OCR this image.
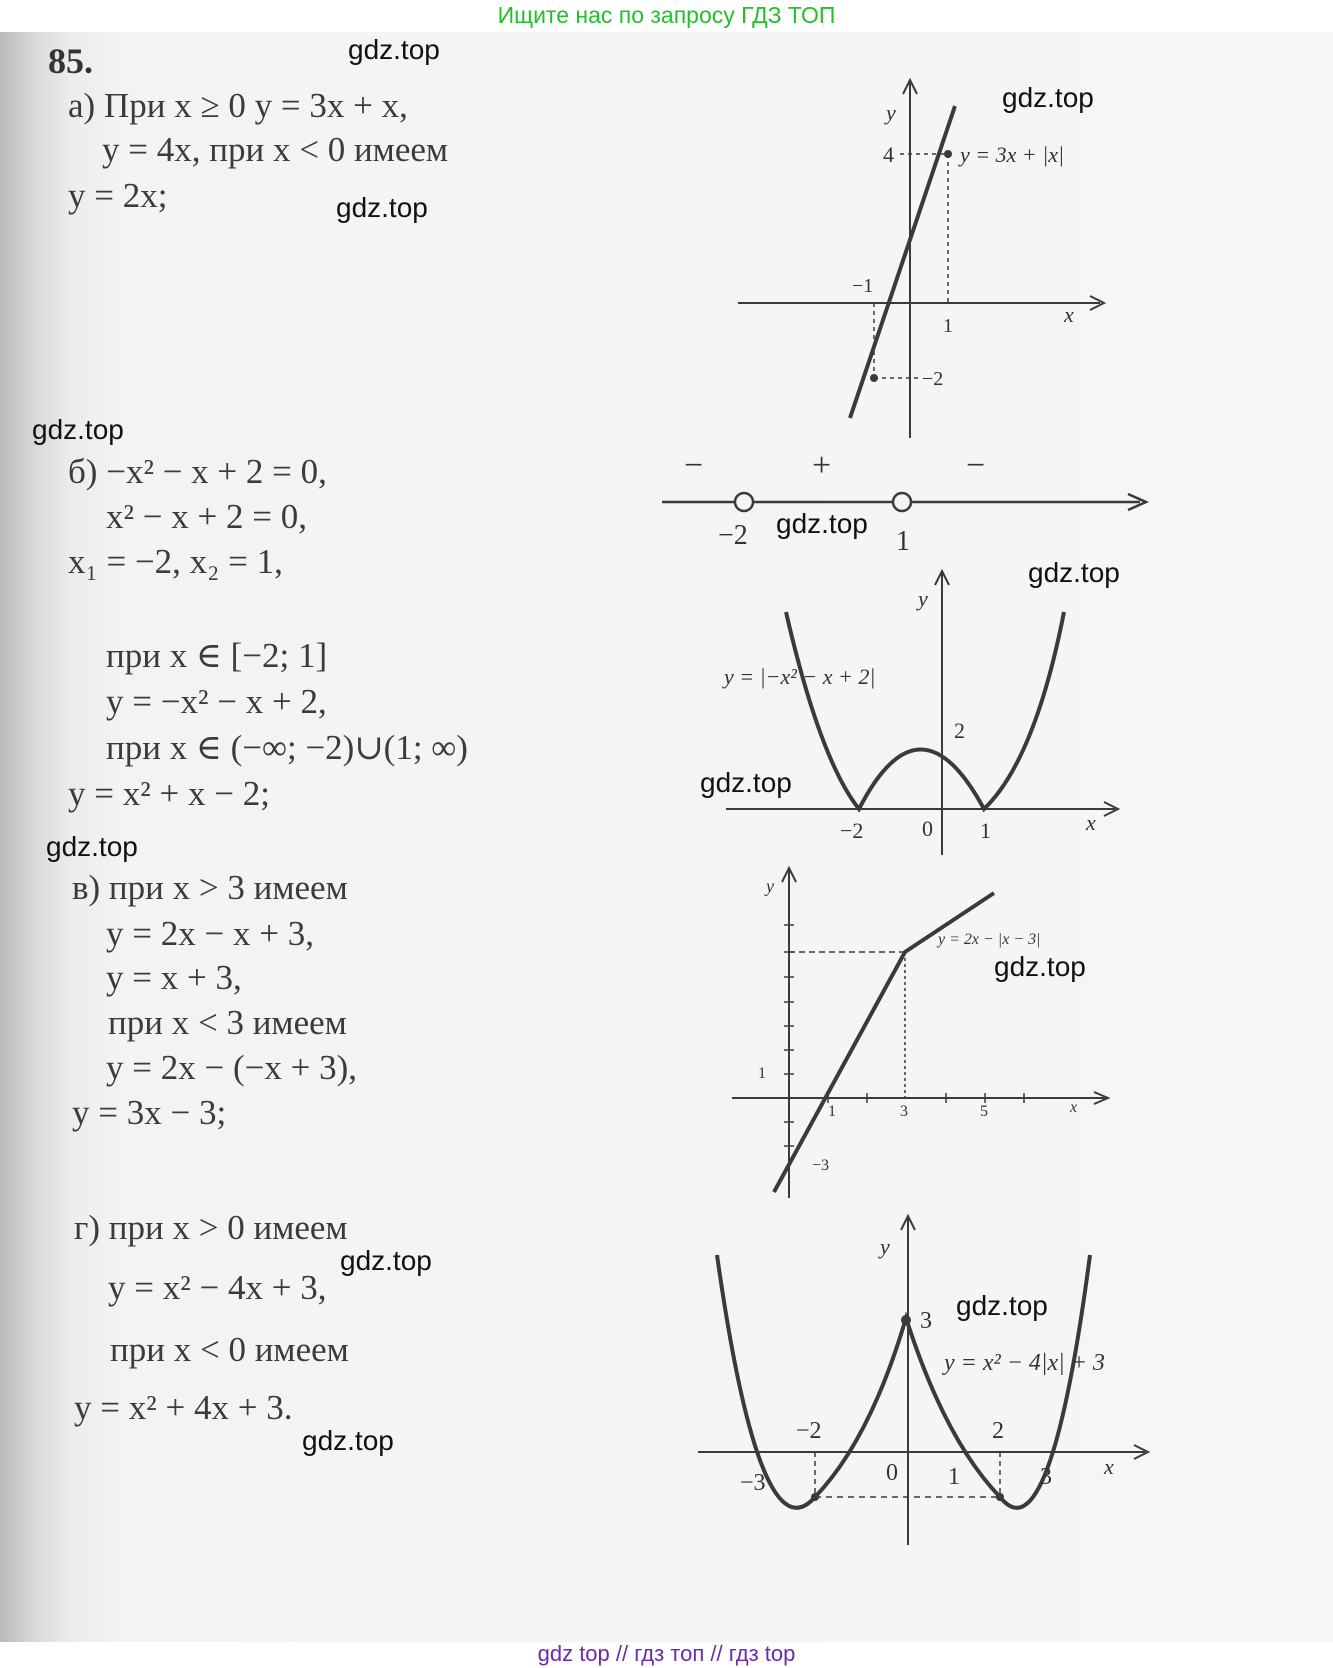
Ищите нас по запросу ГДЗ ТОП
gdz.top
gdz.top
gdz.top
gdz.top
gdz.top
gdz.top
gdz.top
gdz.top
gdz.top
gdz.top
gdz.top
gdz.top
85.
а) При x ≥ 0 y = 3x + x,
y = 4x, при x < 0 имеем
y = 2x;
б) −x² − x + 2 = 0,
x² − x + 2 = 0,
x₁ = −2, x₂ = 1,
при x ∈ [−2; 1]
y = −x² − x + 2,
при x ∈ (−∞; −2)∪(1; ∞)
y = x² + x − 2;
в) при x > 3 имеем
y = 2x − x + 3,
y = x + 3,
при x < 3 имеем
y = 2x − (−x + 3),
y = 3x − 3;
г) при x > 0 имеем
y = x² − 4x + 3,
при x < 0 имеем
y = x² + 4x + 3.
y = 3x + |x|
y
x
4
−1
1
−2
−	+	−
−2	1
y = |−x² − x + 2|
y
x
−2	0 1
2
y = 2x − |x − 3|
y
x
1
1	3	5
−3
y = x² − 4|x| + 3
y
x
3
−2	2
−3	0 1	3
gdz top // гдз топ // гдз top
